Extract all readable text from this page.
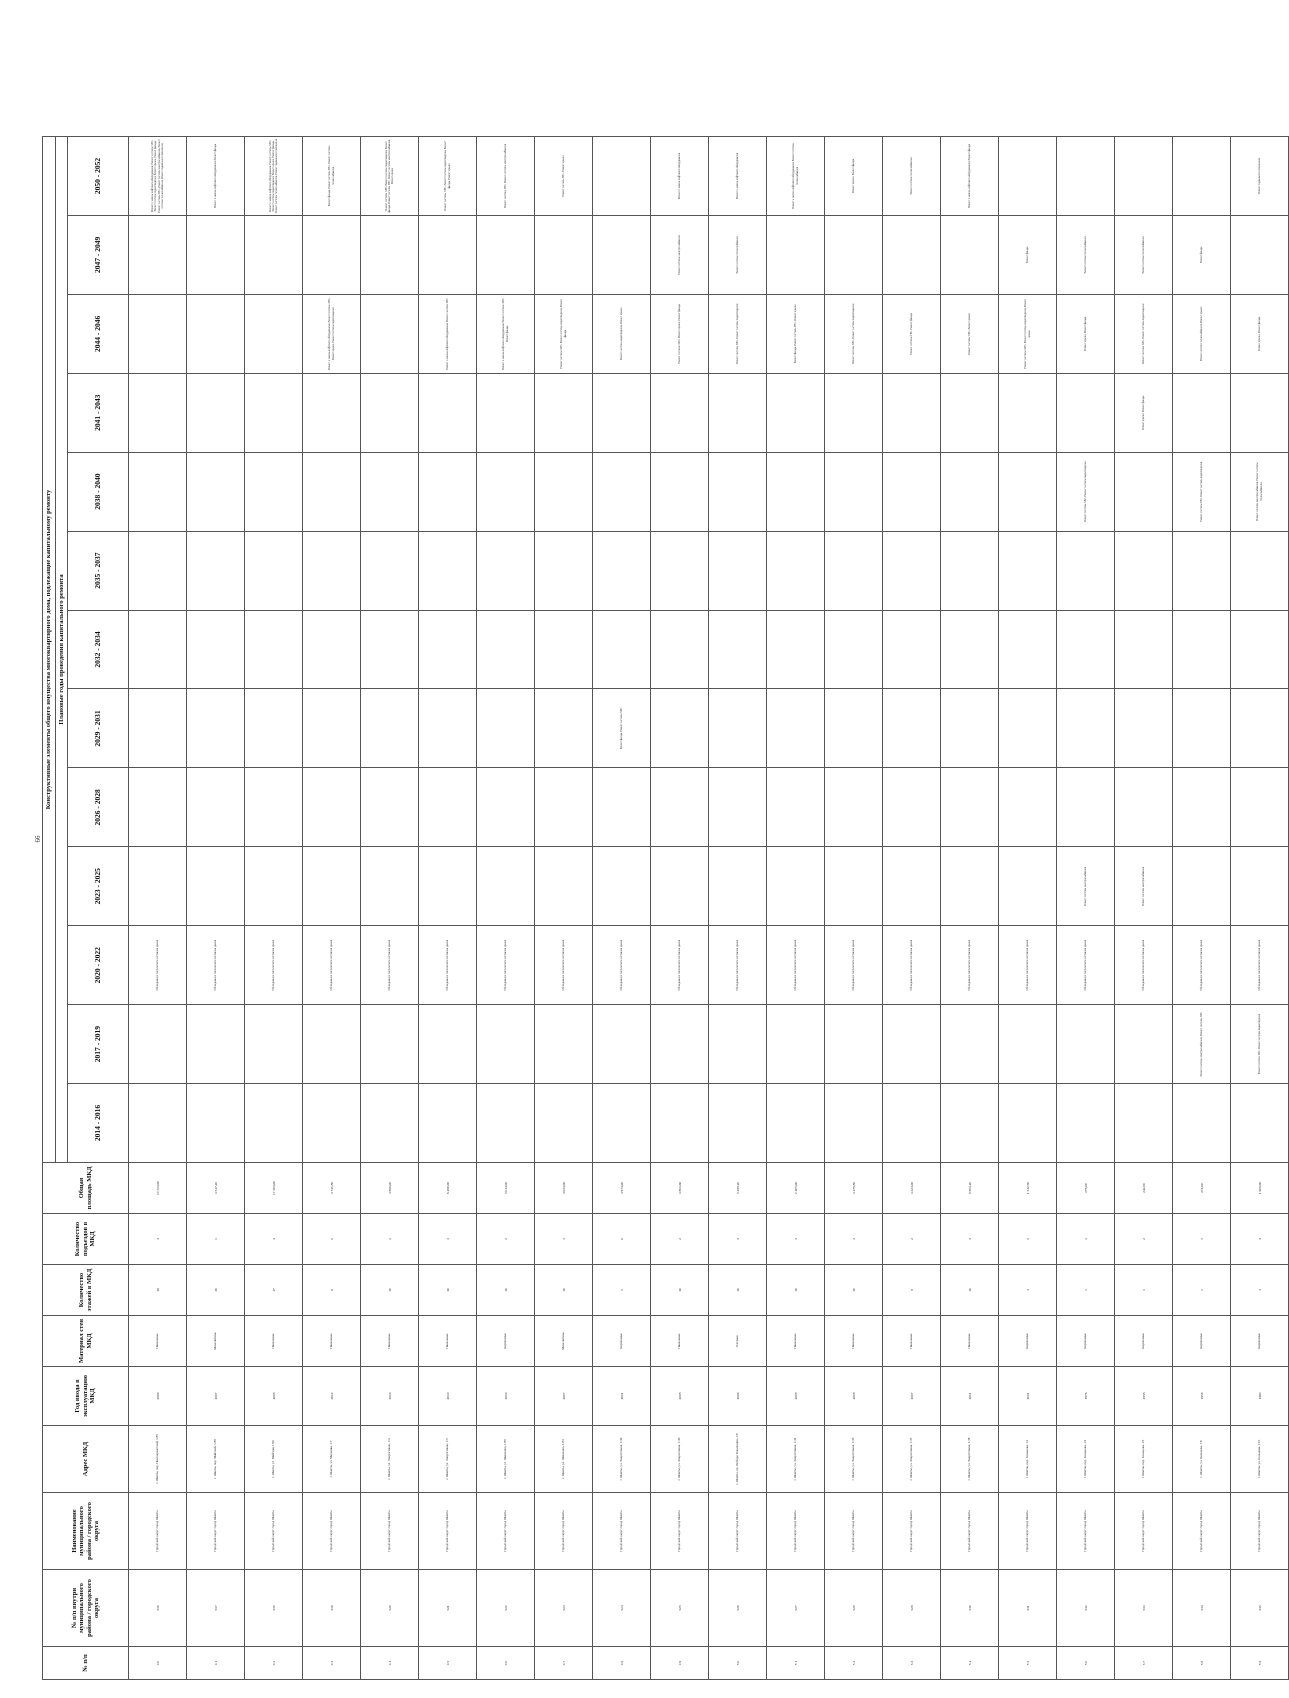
66
№ п/п	№ п/п внутри муниципального района / городского округа	Наименование муниципального района / городского округа	Адрес МКД	Год ввода в эксплуатацию МКД	Материал стен МКД	Количество этажей в МКД	Количество подъездов в МКД	Общая площадь МКД	Конструктивные элементы общего имущества многоквартирного дома, подлежащие капитальному ремонту												
									Плановые годы проведения капитального ремонта												
									2014 - 2016	2017 - 2019	2020 - 2022	2023 - 2025	2026 - 2028	2029 - 2031	2032 - 2034	2035 - 2037	2038 - 2040	2041 - 2043	2044 - 2046	2047 - 2049	2050 - 2052
4 0	516	Городской округ город Шахты	г. Шахты, пер. Новочеркасский, 1/86	2009	Панельные	19	4	13 723,60			Обследование технического состояния здания										Ремонт и замена лифтового оборудования, Ремонт системы ХВС, Ремонт системы водоотведения, Ремонт крыши, Ремонт фасада, Ремонт системы ГВС, Ремонт системы электроснабжения, Ремонт системы теплоснабжения, Ремонт подвального помещения
4 1	517	Городской округ город Шахты	г. Шахты, пер. Майский, 1/88	2007	Монолитные	16	1	3 517,20			Обследование технического состояния здания										Ремонт и замена лифтового оборудования, Ремонт фасада
4 2	518	Городской округ город Шахты	г. Шахты, ул. Майская, 1/90	2008	Панельные	17	4	17 203,60			Обследование технического состояния здания										Ремонт и замена лифтового оборудования, Ремонт системы ХВС, Ремонт системы водоотведения, Ремонт крыши, Ремонт фасада, Ремонт системы теплоснабжения, Ремонт подвального помещения
4 3	519	Городской округ город Шахты	г. Шахты, ул. Мыльная, 1/7	2012	Панельные	9	2	3 731,80			Обследование технического состояния здания								Ремонт и замена лифтового оборудования, Ремонт системы ХВС, Ремонт крыши, Ремонт системы водоотведения		Ремонт фасада, Ремонт системы ГВС, Ремонт системы теплоснабжения
4 4	520	Городской округ город Шахты	г. Шахты, ул. Энергетиков, 1/4	2010	Панельные	10	2	4 860,00			Обследование технического состояния здания										Ремонт системы ХВС, Ремонт системы водоотведения, Ремонт фасада, Ремонт системы ГВС, Ремонт системы электроснабжения, Ремонт крыши
4 5	521	Городской округ город Шахты	г. Шахты, ул. Энергетиков, 1/5	2010	Панельные	10	3	6 480,00			Обследование технического состояния здания								Ремонт и замена лифтового оборудования, Ремонт системы ХВС		Ремонт системы ХВС, Ремонт системы водоотведения, Ремонт фасада, Ремонт крыши
4 6	522	Городской округ город Шахты	г. Шахты, ул. Шевченко, 1/80	2010	Кирпичные	10	2	5 014,00			Обследование технического состояния здания								Ремонт и замена лифтового оборудования, Ремонт системы ХВС, Ремонт фасада		Ремонт системы ГВС, Ремонт системы электроснабжения
4 7	523	Городской округ город Шахты	г. Шахты, ул. Шевченко, 1/83	2007	Монолитные	10	1	4 023,00			Обследование технического состояния здания								Ремонт системы ХВС, Ремонт системы водоотведения, Ремонт фасада		Ремонт системы ГВС, Ремонт крыши
4 8	524	Городской округ город Шахты	г. Шахты, ул. Энергетиков, 1/39	2011	Кирпичные	5	6	4 974,00			Обследование технического состояния здания			Ремонт фасада, Ремонт системы ХВС					Ремонт системы водоотведения, Ремонт крыши		
4 9	525	Городской округ город Шахты	г. Шахты, ул. Энергетиков, 1/30	2008	Панельные	10	2	3 863,60			Обследование технического состояния здания								Ремонт системы ХВС, Ремонт крыши, Ремонт фасада	Ремонт системы электроснабжения	Ремонт и замена лифтового оборудования
5 0	526	Городской округ город Шахты	г. Шахты, пр. Победы Революции, 1/8	2006	Блочные	10	3	5 298,20			Обследование технического состояния здания								Ремонт системы ХВС, Ремонт системы водоотведения	Ремонт системы теплоснабжения	Ремонт и замена лифтового оборудования
5 1	527	Городской округ город Шахты	г. Шахты, ул. Энергетиков, 1/34	2008	Панельные	10	3	2 405,00			Обследование технического состояния здания								Ремонт фасада, Ремонт системы ГВС, Ремонт крыши		Ремонт и замена лифтового оборудования, Ремонт системы теплоснабжения
5 2	528	Городской округ город Шахты	г. Шахты, ул. Энергетиков, 1/35	2008	Панельные	10	3	3 478,80			Обследование технического состояния здания								Ремонт системы ХВС, Ремонт системы водоотведения		Ремонт крыши, Ремонт фасада
5 3	529	Городской округ город Шахты	г. Шахты, ул. Энергетиков, 1/37	2007	Панельные	9	2	3 223,00			Обследование технического состояния здания								Ремонт системы ГВС, Ремонт фасада		Ремонт системы теплоснабжения
5 4	530	Городской округ город Шахты	г. Шахты, ул. Энергетиков, 1/38	2011	Панельные	10	3	8 803,20			Обследование технического состояния здания								Ремонт системы ХВС, Ремонт крыши		Ремонт и замена лифтового оборудования, Ремонт фасада
5 5	531	Городской округ город Шахты	г. Шахты, пер. Кольцова, 1/2	2011	Кирпичные	3	5	1 312,50			Обследование технического состояния здания								Ремонт системы ХВС, Ремонт системы водоотведения, Ремонт крыши	Ремонт фасада	
5 6	532	Городской округ город Шахты	г. Шахты, пер. Кольцова, 1/4	1976	Кирпичные	1	1	276,00			Обследование технического состояния здания	Ремонт системы электроснабжения					Ремонт системы ХВС, Ремонт системы водоотведения		Ремонт крыши, Ремонт фасада	Ремонт системы теплоснабжения	
5 7	533	Городской округ город Шахты	г. Шахты, пер. Кольцова, 1/6	1958	Кирпичные	1	2	242,00			Обследование технического состояния здания	Ремонт системы электроснабжения						Ремонт крыши, Ремонт фасада	Ремонт системы ХВС, Ремонт системы водоотведения	Ремонт системы теплоснабжения	
5 8	534	Городской округ город Шахты	г. Шахты, ул. Кольцова, 1/8	1958	Кирпичные	1	1	274,00		Ремонт системы электроснабжения, Ремонт системы ХВС	Обследование технического состояния здания						Ремонт системы ГВС, Ремонт системы водоотведения		Ремонт системы теплоснабжения, Ремонт крыши	Ремонт фасада	
5 9	535	Городской округ город Шахты	г. Шахты, ул. Кольцова, 1/10	1960	Кирпичные	3	4	1 908,00		Ремонт системы ХВС, Ремонт системы водоотведения	Обследование технического состояния здания						Ремонт системы электроснабжения, Ремонт системы теплоснабжения		Ремонт крыши, Ремонт фасада		Ремонт подвального помещения
